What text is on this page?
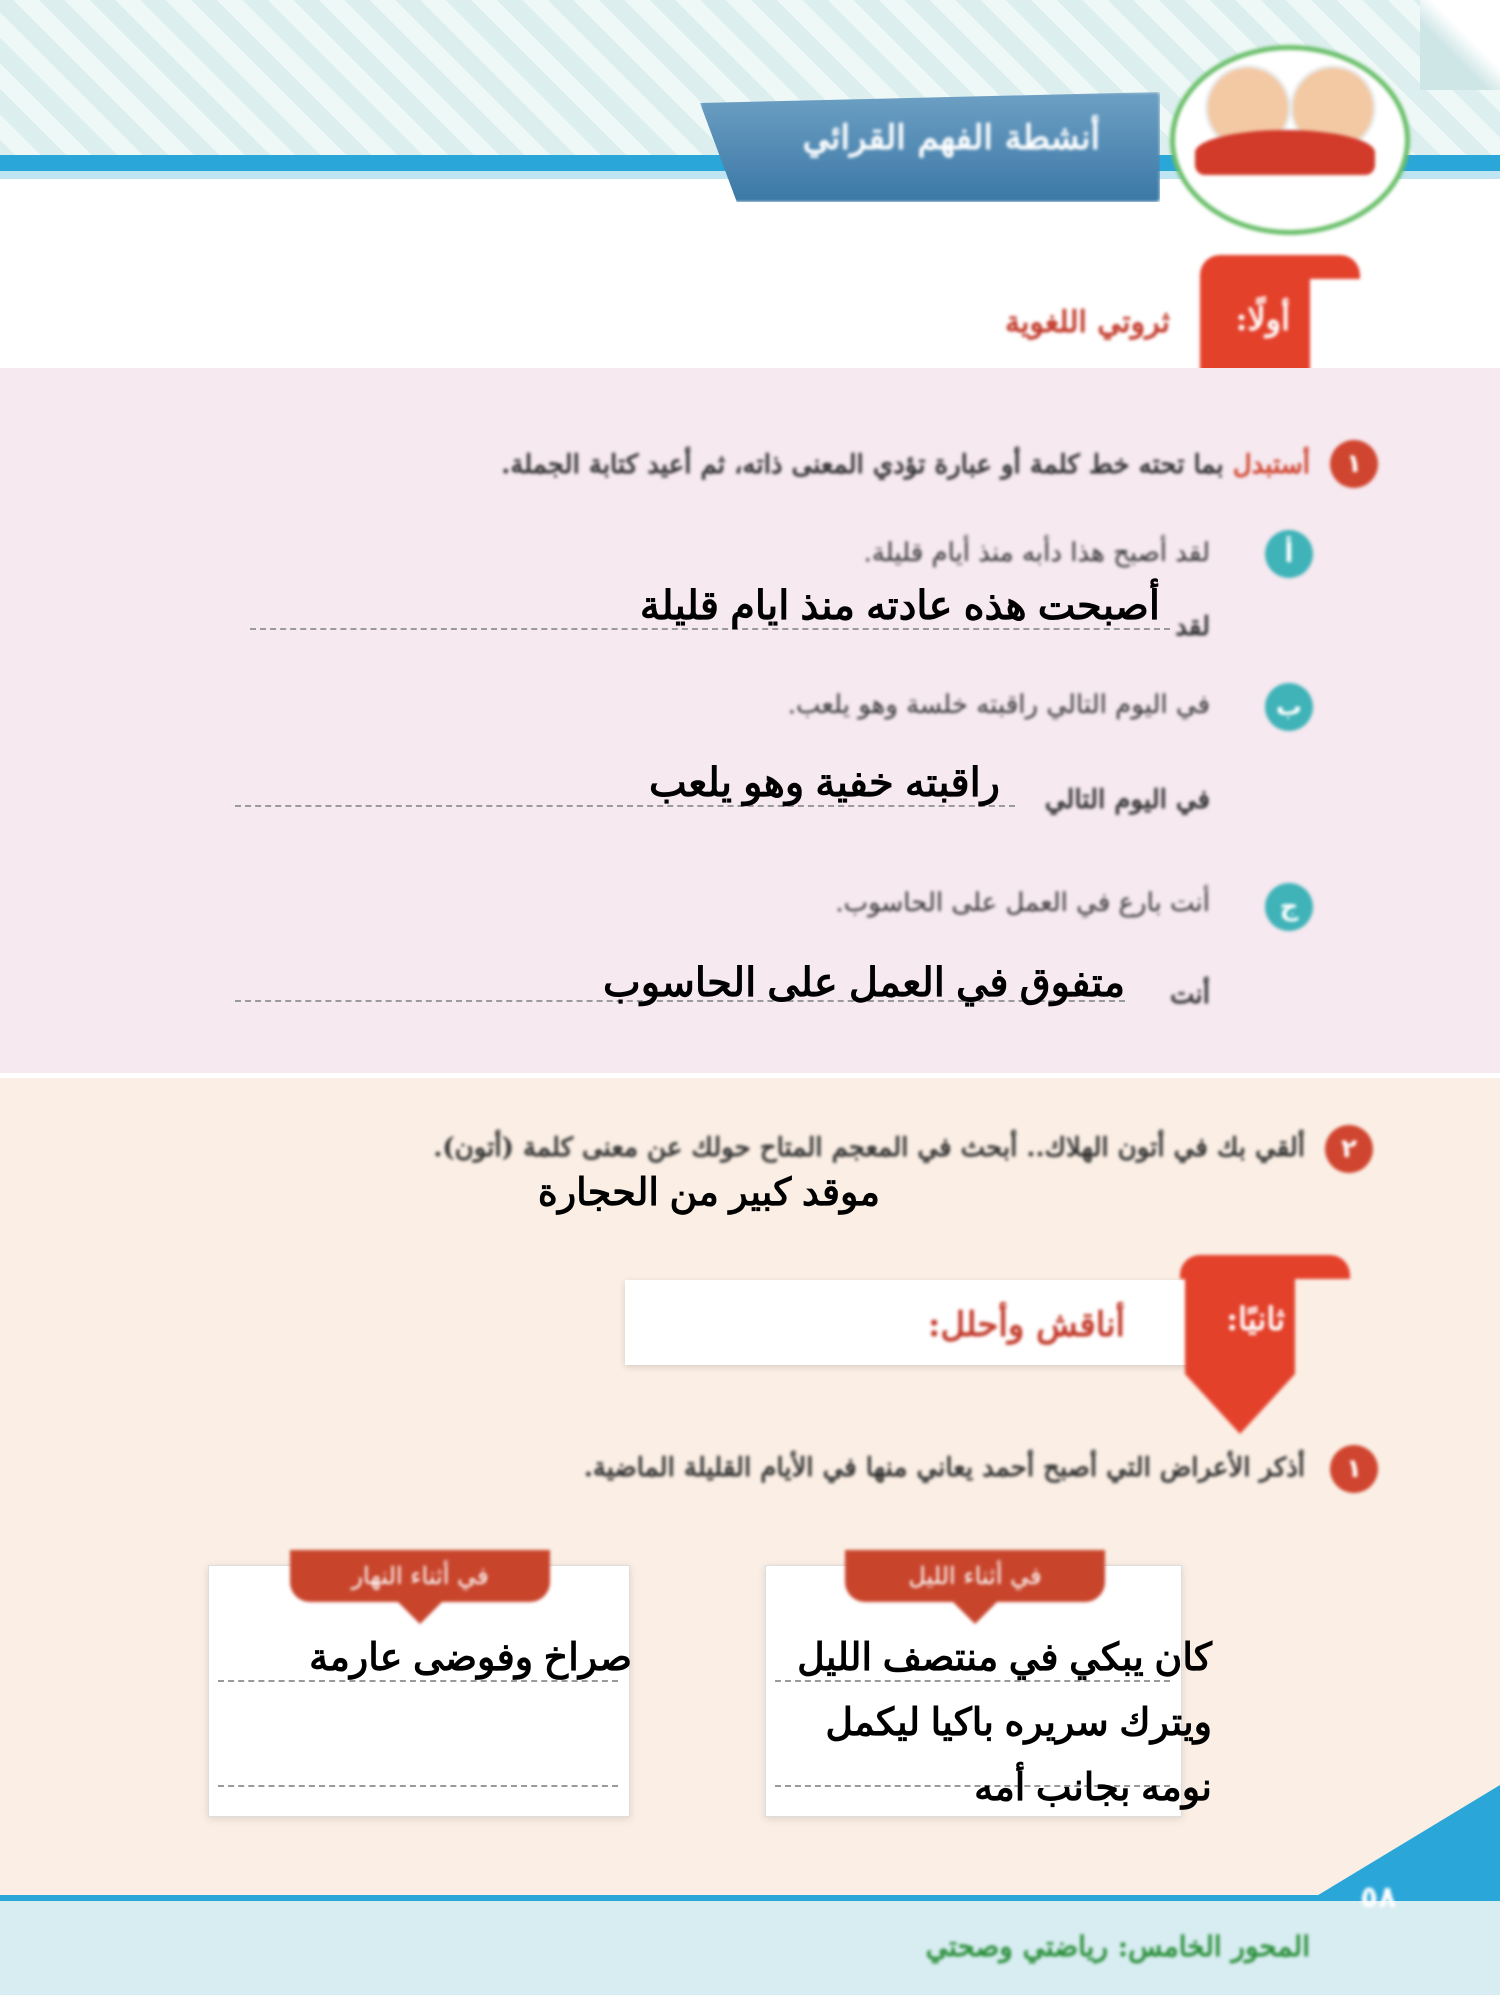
أنشطة الفهم القرائي
أولًا:
ثروتي اللغوية
١
أستبدل بما تحته خط كلمة أو عبارة تؤدي المعنى ذاته، ثم أعيد كتابة الجملة.
أ
لقد أصبح هذا دأبه منذ أيام قليلة.
لقد
أصبحت هذه عادته منذ ايام قليلة
ب
في اليوم التالي راقبته خلسة وهو يلعب.
في اليوم التالي
راقبته خفية وهو يلعب
ج
أنت بارع في العمل على الحاسوب.
أنت
متفوق في العمل على الحاسوب
٢
ألقي بك في أتون الهلاك.. أبحث في المعجم المتاح حولك عن معنى كلمة (أتون).
موقد كبير من الحجارة
ثانيًا:
أناقش وأحلل:
١
أذكر الأعراض التي أصبح أحمد يعاني منها في الأيام القليلة الماضية.
في أثناء الليل
كان يبكي في منتصف الليل
ويترك سريره باكيا ليكمل
نومه بجانب أمه
في أثناء النهار
صراخ وفوضى عارمة
٥٨
المحور الخامس: رياضتي وصحتي
